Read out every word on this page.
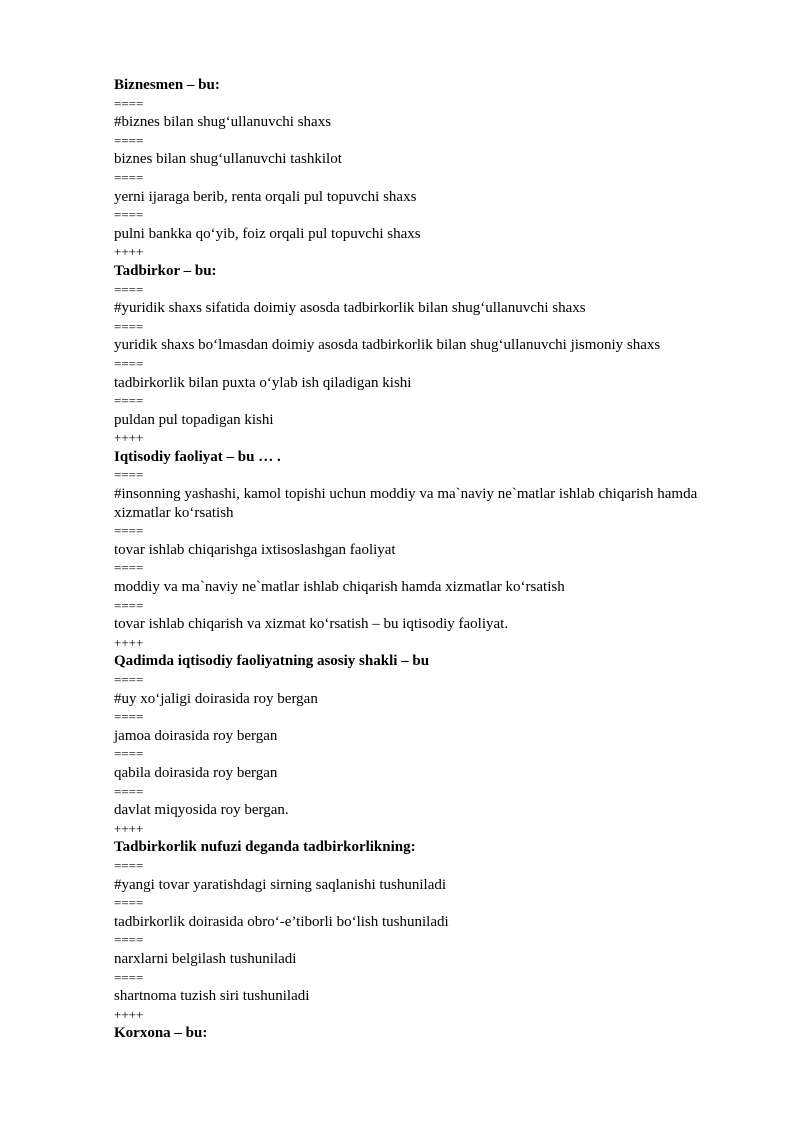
Biznesmen – bu:
====
#biznes bilan shug‘ullanuvchi shaxs
====
biznes bilan shug‘ullanuvchi tashkilot
====
yerni ijaraga berib, renta orqali pul topuvchi shaxs
====
pulni bankka qo‘yib, foiz orqali pul topuvchi shaxs
++++
Tadbirkor – bu:
====
#yuridik shaxs sifatida doimiy asosda tadbirkorlik bilan shug‘ullanuvchi shaxs
====
yuridik shaxs bo‘lmasdan doimiy asosda tadbirkorlik bilan shug‘ullanuvchi jismoniy shaxs
====
tadbirkorlik bilan puxta o‘ylab ish qiladigan kishi
====
puldan pul topadigan kishi
++++
Iqtisodiy faoliyat – bu … .
====
#insonning yashashi, kamol topishi uchun moddiy va ma`naviy ne`matlar ishlab chiqarish hamda xizmatlar ko‘rsatish
====
tovar ishlab chiqarishga ixtisoslashgan faoliyat
====
moddiy va ma`naviy ne`matlar ishlab chiqarish hamda xizmatlar ko‘rsatish
====
tovar ishlab chiqarish va xizmat ko‘rsatish – bu iqtisodiy faoliyat.
++++
Qadimda iqtisodiy faoliyatning asosiy shakli – bu
====
#uy xo‘jaligi doirasida roy bergan
====
jamoa doirasida roy bergan
====
qabila doirasida roy bergan
====
davlat miqyosida roy bergan.
++++
Tadbirkorlik nufuzi deganda tadbirkorlikning:
====
#yangi tovar yaratishdagi sirning saqlanishi tushuniladi
====
tadbirkorlik doirasida obro‘-e’tiborli bo‘lish tushuniladi
====
narxlarni belgilash tushuniladi
====
shartnoma tuzish siri tushuniladi
++++
Korxona – bu:
